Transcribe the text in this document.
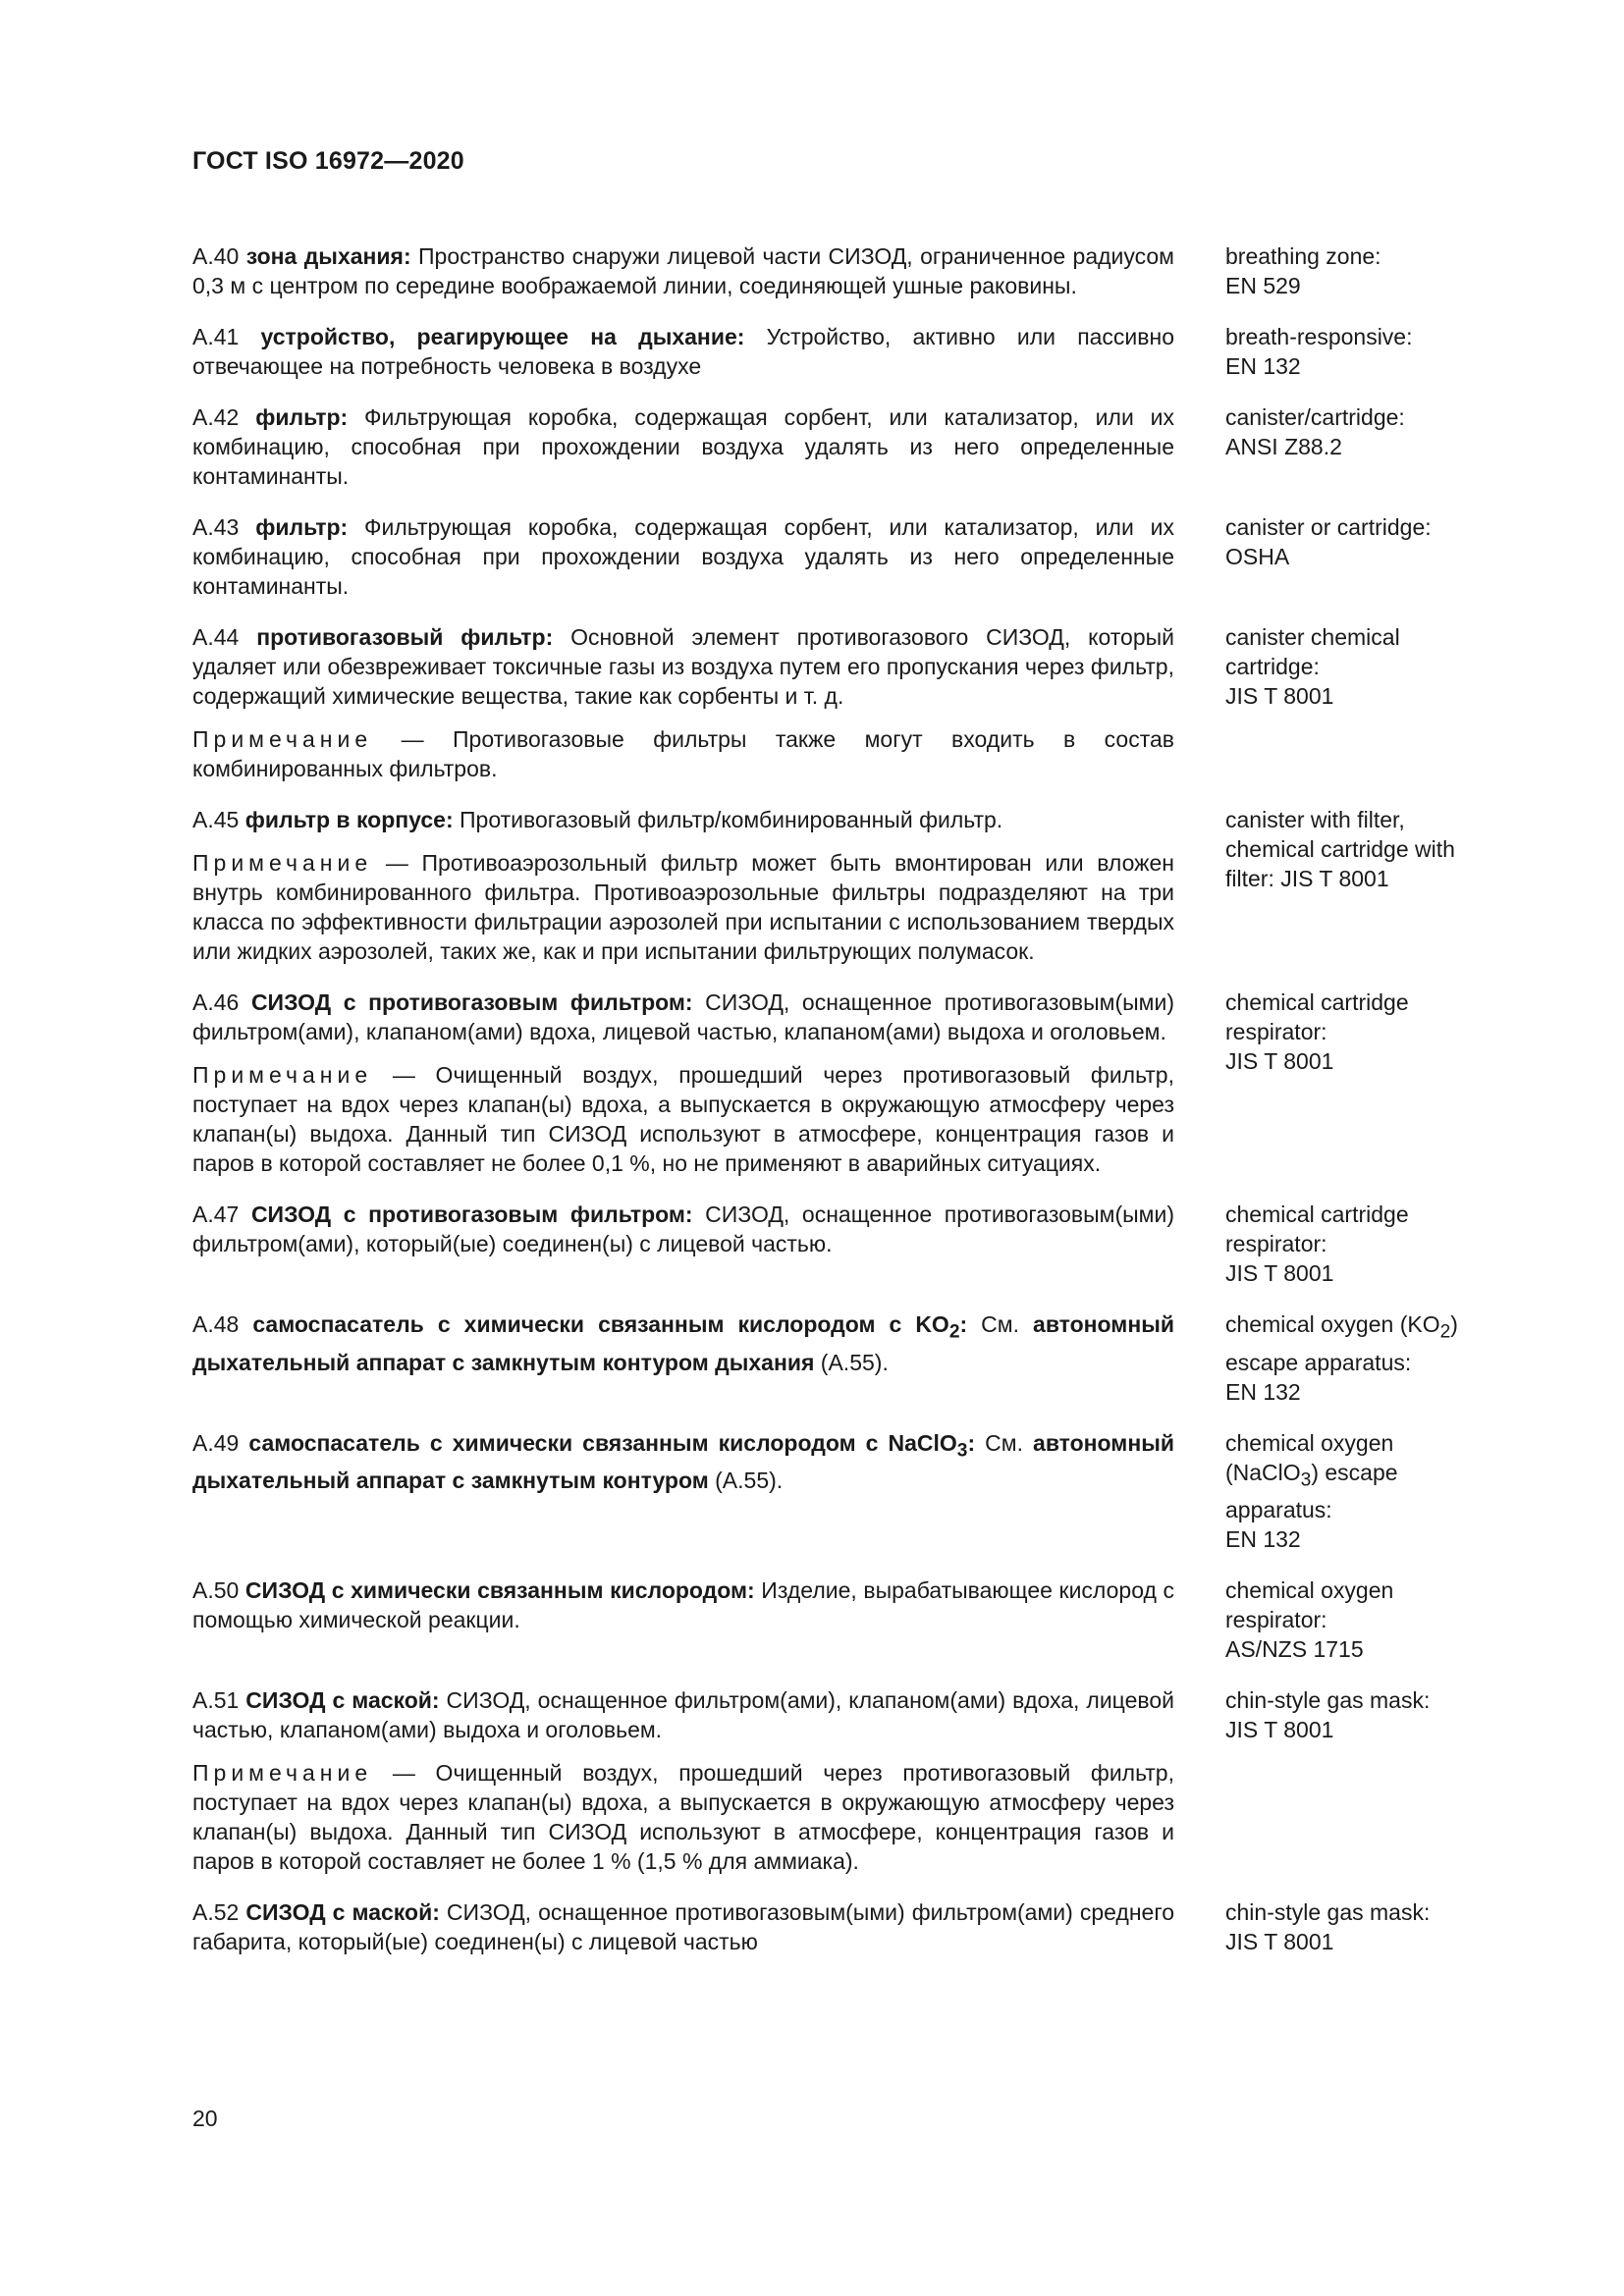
ГОСТ ISO 16972—2020

A.40 зона дыхания: Пространство снаружи лицевой части СИЗОД, ограниченное радиусом 0,3 м с центром по середине воображаемой линии, соединяющей ушные раковины.

breathing zone:
EN 529

A.41 устройство, реагирующее на дыхание: Устройство, активно или пассивно отвечающее на потребность человека в воздухе

breath-responsive:
EN 132

A.42 фильтр: Фильтрующая коробка, содержащая сорбент, или катализатор, или их комбинацию, способная при прохождении воздуха удалять из него определенные контаминанты.

canister/cartridge:
ANSI Z88.2

A.43 фильтр: Фильтрующая коробка, содержащая сорбент, или катализатор, или их комбинацию, способная при прохождении воздуха удалять из него определенные контаминанты.

canister or cartridge:
OSHA

A.44 противогазовый фильтр: Основной элемент противогазового СИЗОД, который удаляет или обезвреживает токсичные газы из воздуха путем его пропускания через фильтр, содержащий химические вещества, такие как сорбенты и т. д.

Примечание — Противогазовые фильтры также могут входить в состав комбинированных фильтров.

canister chemical
cartridge:
JIS T 8001

A.45 фильтр в корпусе: Противогазовый фильтр/комбинированный фильтр.

Примечание — Противоаэрозольный фильтр может быть вмонтирован или вложен внутрь комбинированного фильтра. Противоаэрозольные фильтры подразделяют на три класса по эффективности фильтрации аэрозолей при испытании с использованием твердых или жидких аэрозолей, таких же, как и при испытании фильтрующих полумасок.

canister with filter,
chemical cartridge with
filter: JIS T 8001

A.46 СИЗОД с противогазовым фильтром: СИЗОД, оснащенное противогазовым(ыми) фильтром(ами), клапаном(ами) вдоха, лицевой частью, клапаном(ами) выдоха и оголовьем.

Примечание — Очищенный воздух, прошедший через противогазовый фильтр, поступает на вдох через клапан(ы) вдоха, а выпускается в окружающую атмосферу через клапан(ы) выдоха. Данный тип СИЗОД используют в атмосфере, концентрация газов и паров в которой составляет не более 0,1 %, но не применяют в аварийных ситуациях.

chemical cartridge
respirator:
JIS T 8001

A.47 СИЗОД с противогазовым фильтром: СИЗОД, оснащенное противогазовым(ыми) фильтром(ами), который(ые) соединен(ы) с лицевой частью.

chemical cartridge
respirator:
JIS T 8001

A.48 самоспасатель с химически связанным кислородом с $KO_2$: См. автономный дыхательный аппарат с замкнутым контуром дыхания (A.55).

chemical oxygen $(KO_2)$
escape apparatus:
EN 132

A.49 самоспасатель с химически связанным кислородом с NaClO$_3$: См. автономный дыхательный аппарат с замкнутым контуром (A.55).

chemical oxygen
(NaClO$_3$) escape
apparatus:
EN 132

A.50 СИЗОД с химически связанным кислородом: Изделие, вырабатывающее кислород с помощью химической реакции.

chemical oxygen
respirator:
AS/NZS 1715

A.51 СИЗОД с маской: СИЗОД, оснащенное фильтром(ами), клапаном(ами) вдоха, лицевой частью, клапаном(ами) выдоха и оголовьем.

Примечание — Очищенный воздух, прошедший через противогазовый фильтр, поступает на вдох через клапан(ы) вдоха, а выпускается в окружающую атмосферу через клапан(ы) выдоха. Данный тип СИЗОД используют в атмосфере, концентрация газов и паров в которой составляет не более 1 % (1,5 % для аммиака).

chin-style gas mask:
JIS T 8001

A.52 СИЗОД с маской: СИЗОД, оснащенное противогазовым(ыми) фильтром(ами) среднего габарита, который(ые) соединен(ы) с лицевой частью

chin-style gas mask:
JIS T 8001
20
